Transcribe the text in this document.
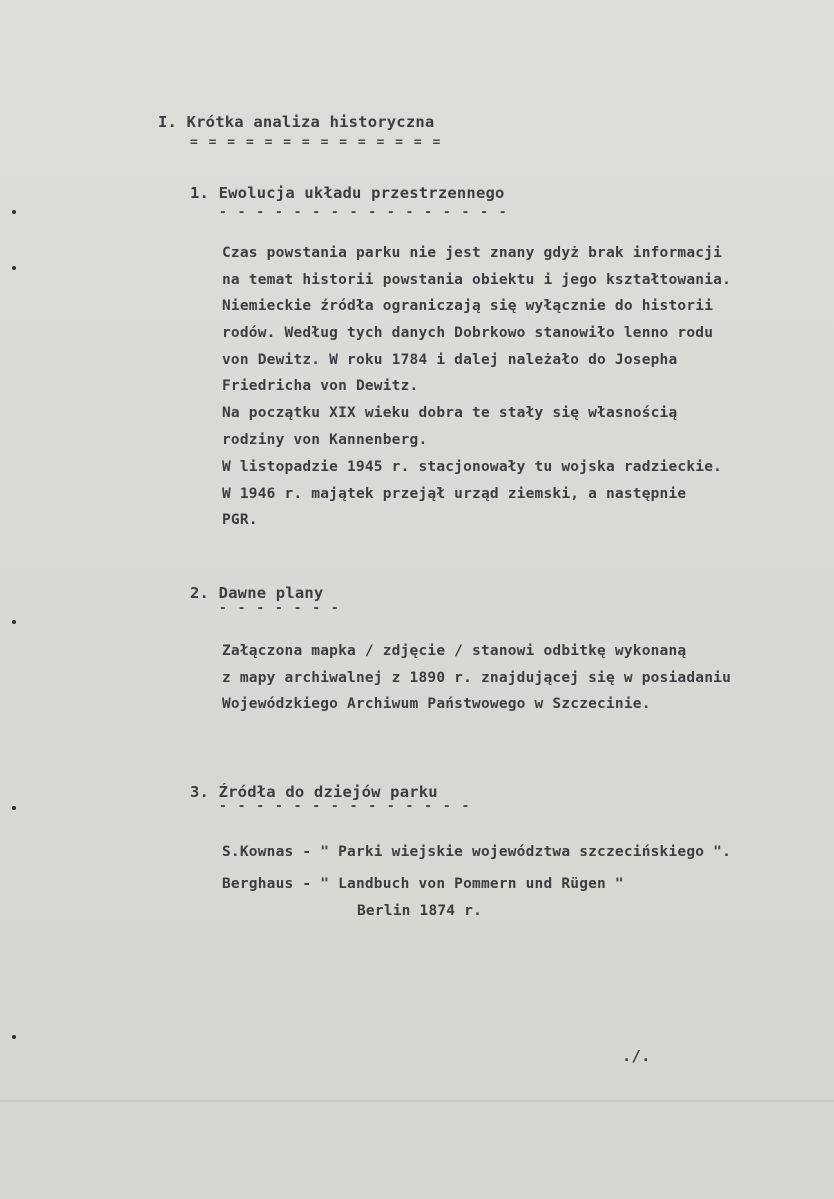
I. Krótka analiza historyczna
= = = = = = = = = = = = = =
1. Ewolucja układu przestrzennego
- - - - - - - - - - - - - - - -
Czas powstania parku nie jest znany gdyż brak informacji
na temat historii powstania obiektu i jego kształtowania.
Niemieckie źródła ograniczają się wyłącznie do historii
rodów. Według tych danych Dobrkowo stanowiło lenno rodu
von Dewitz. W roku 1784 i dalej należało do Josepha
Friedricha von Dewitz.
Na początku XIX wieku dobra te stały się własnością
rodziny von Kannenberg.
W listopadzie 1945 r. stacjonowały tu wojska radzieckie.
W 1946 r. majątek przejął urząd ziemski, a następnie
PGR.
2. Dawne plany
- - - - - - -
Załączona mapka / zdjęcie / stanowi odbitkę wykonaną
z mapy archiwalnej z 1890 r. znajdującej się w posiadaniu
Wojewódzkiego Archiwum Państwowego w Szczecinie.
3. Źródła do dziejów parku
- - - - - - - - - - - - - -
S.Kownas - " Parki wiejskie województwa szczecińskiego ".
Berghaus - " Landbuch von Pommern und Rügen "
Berlin 1874 r.
./.
